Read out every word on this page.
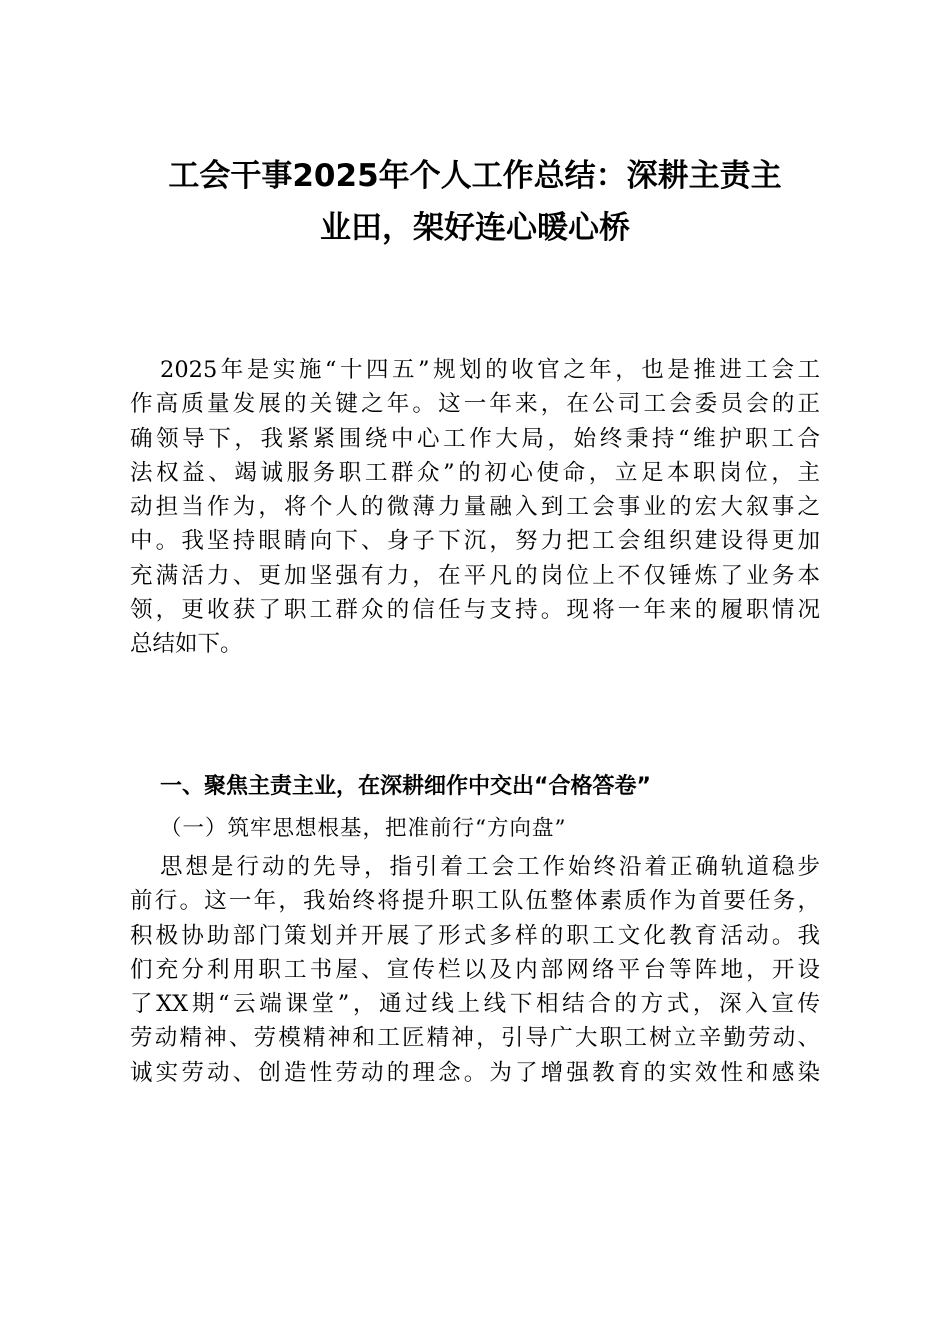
工会干事2025年个人工作总结：深耕主责主
业田，架好连心暖心桥
2025年是实施“十四五”规划的收官之年，也是推进工会工
作高质量发展的关键之年。这一年来，在公司工会委员会的正
确领导下，我紧紧围绕中心工作大局，始终秉持“维护职工合
法权益、竭诚服务职工群众”的初心使命，立足本职岗位，主
动担当作为，将个人的微薄力量融入到工会事业的宏大叙事之
中。我坚持眼睛向下、身子下沉，努力把工会组织建设得更加
充满活力、更加坚强有力，在平凡的岗位上不仅锤炼了业务本
领，更收获了职工群众的信任与支持。现将一年来的履职情况
总结如下。
一、聚焦主责主业，在深耕细作中交出“合格答卷”
（一）筑牢思想根基，把准前行“方向盘”
思想是行动的先导，指引着工会工作始终沿着正确轨道稳步
前行。这一年，我始终将提升职工队伍整体素质作为首要任务，
积极协助部门策划并开展了形式多样的职工文化教育活动。我
们充分利用职工书屋、宣传栏以及内部网络平台等阵地，开设
了XX期“云端课堂”，通过线上线下相结合的方式，深入宣传
劳动精神、劳模精神和工匠精神，引导广大职工树立辛勤劳动、
诚实劳动、创造性劳动的理念。为了增强教育的实效性和感染
